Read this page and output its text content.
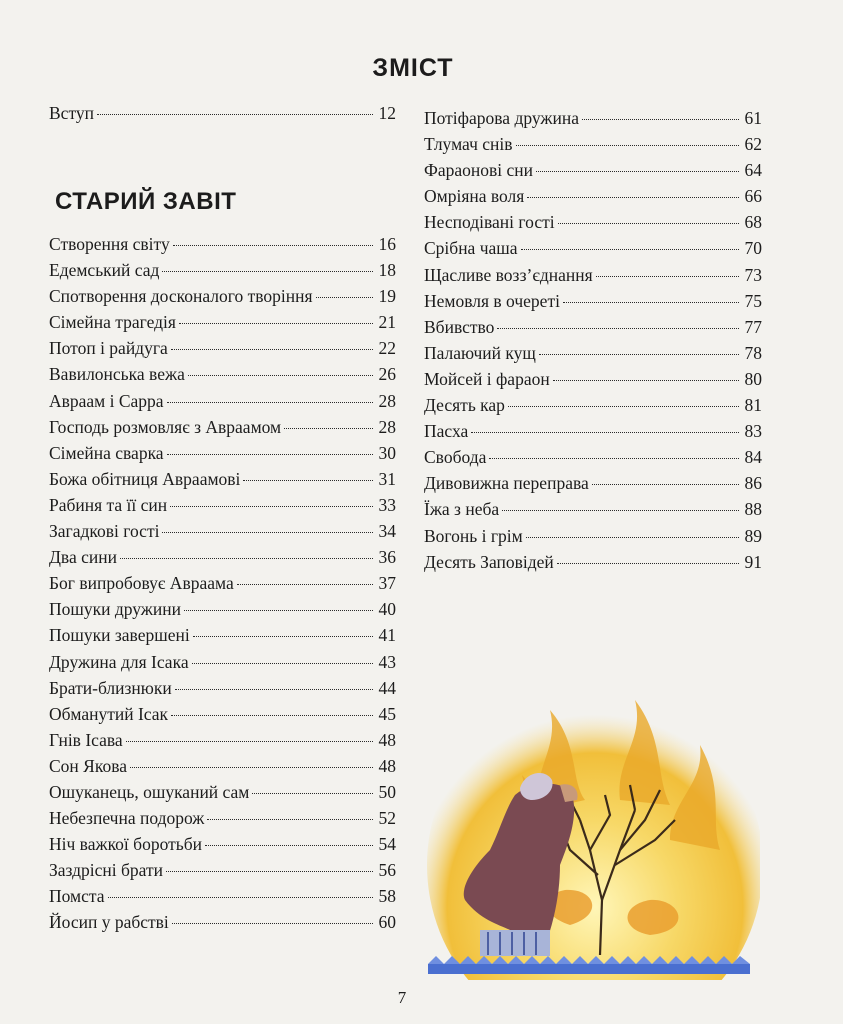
ЗМІСТ
Вступ	12
СТАРИЙ ЗАВІТ
Створення світу	16
Едемський сад	18
Спотворення досконалого творіння	19
Сімейна трагедія	21
Потоп і райдуга	22
Вавилонська вежа	26
Авраам і Сарра	28
Господь розмовляє з Авраамом	28
Сімейна сварка	30
Божа обітниця Авраамові	31
Рабиня та її син	33
Загадкові гості	34
Два сини	36
Бог випробовує Авраама	37
Пошуки дружини	40
Пошуки завершені	41
Дружина для Ісака	43
Брати-близнюки	44
Обманутий Ісак	45
Гнів Ісава	48
Сон Якова	48
Ошуканець, ошуканий сам	50
Небезпечна подорож	52
Ніч важкої боротьби	54
Заздрісні брати	56
Помста	58
Йосип у рабстві	60
Потіфарова дружина	61
Тлумач снів	62
Фараонові сни	64
Омріяна воля	66
Несподівані гості	68
Срібна чаша	70
Щасливе возз’єднання	73
Немовля в очереті	75
Вбивство	77
Палаючий кущ	78
Мойсей і фараон	80
Десять кар	81
Пасха	83
Свобода	84
Дивовижна переправа	86
Їжа з неба	88
Вогонь і грім	89
Десять Заповідей	91
7
